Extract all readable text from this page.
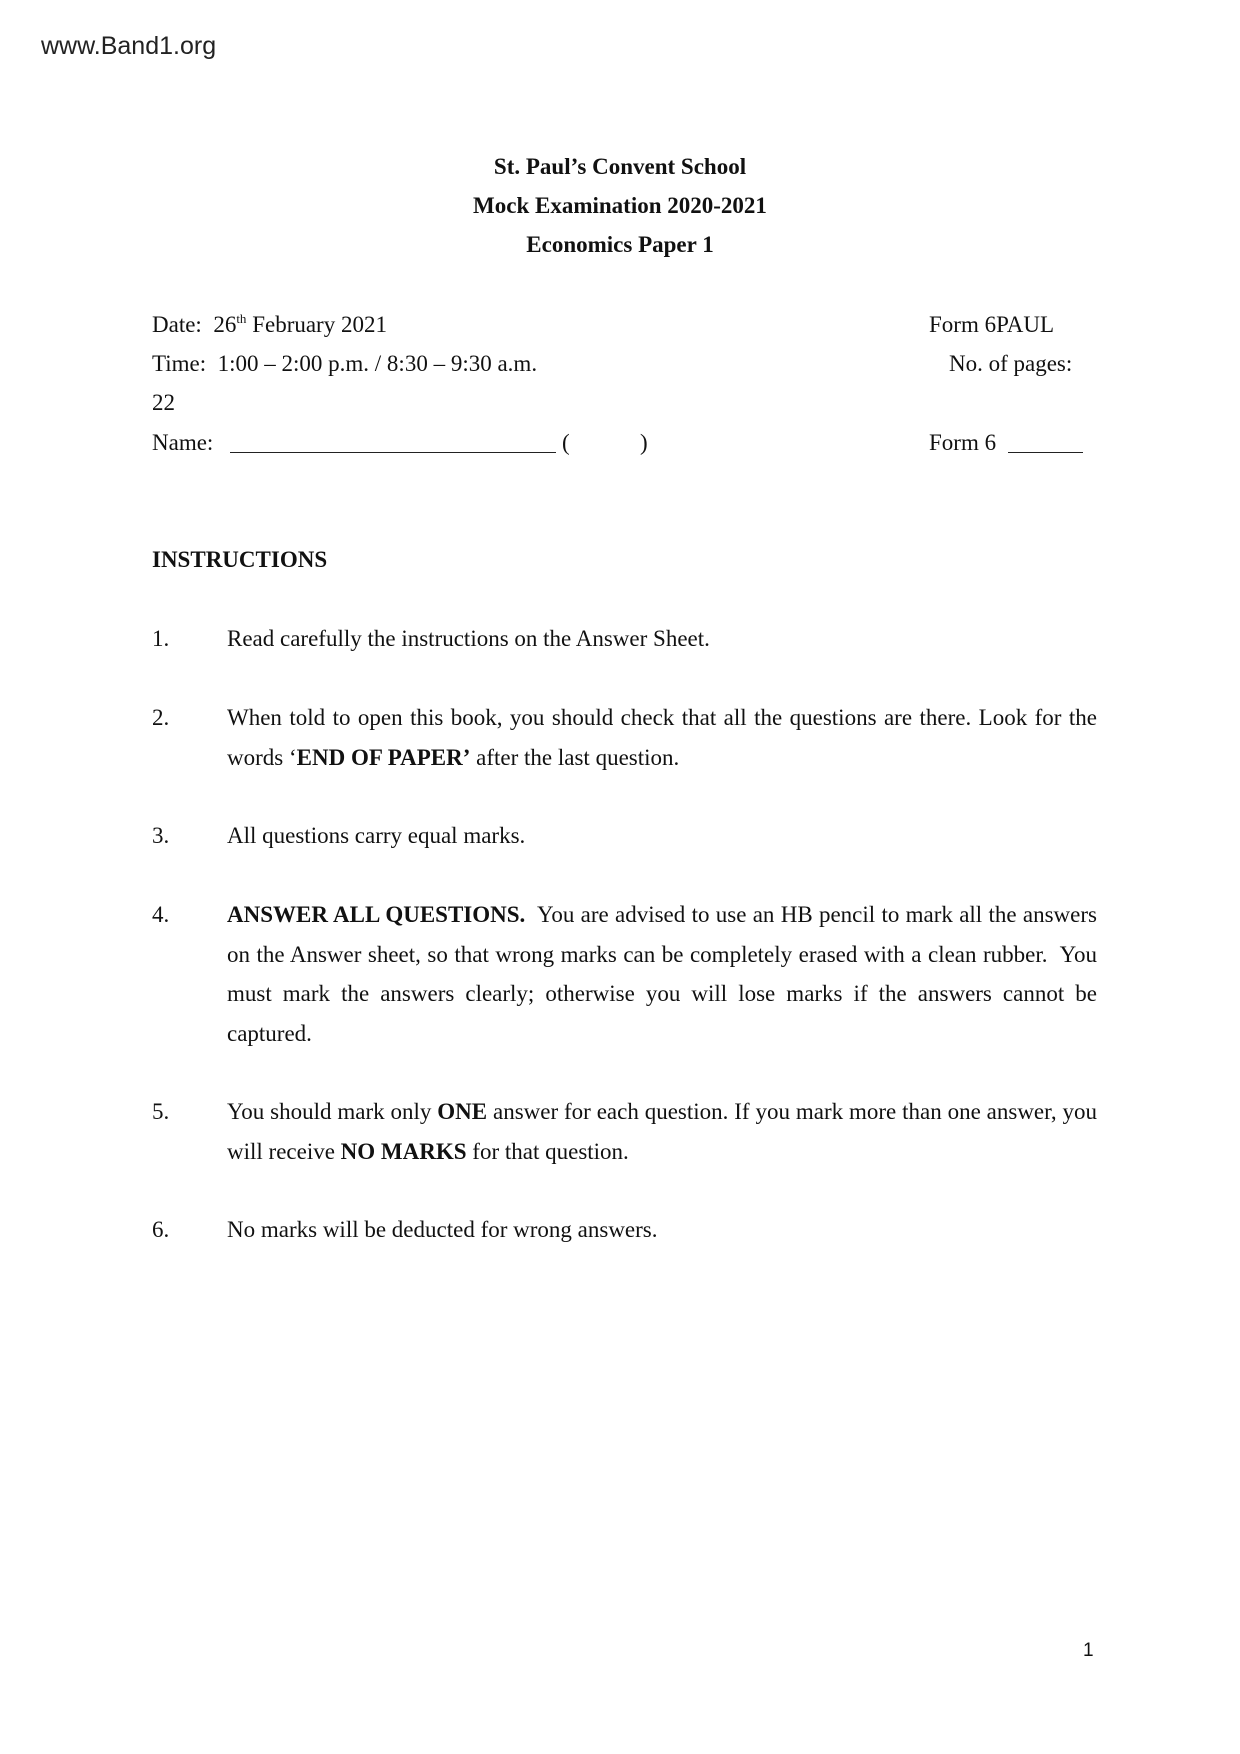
www.Band1.org
St. Paul’s Convent School
Mock Examination 2020-2021
Economics Paper 1
Date: 26th February 2021	Form 6PAUL
Time: 1:00 – 2:00 p.m. / 8:30 – 9:30 a.m.	No. of pages:
22
Name:	(	)	Form 6
INSTRUCTIONS
1.	Read carefully the instructions on the Answer Sheet.
2.	When told to open this book, you should check that all the questions are there. Look for the words ‘END OF PAPER’ after the last question.
3.	All questions carry equal marks.
4.	ANSWER ALL QUESTIONS.  You are advised to use an HB pencil to mark all the answers on the Answer sheet, so that wrong marks can be completely erased with a clean rubber.  You must mark the answers clearly; otherwise you will lose marks if the answers cannot be captured.
5.	You should mark only ONE answer for each question. If you mark more than one answer, you will receive NO MARKS for that question.
6.	No marks will be deducted for wrong answers.
1
